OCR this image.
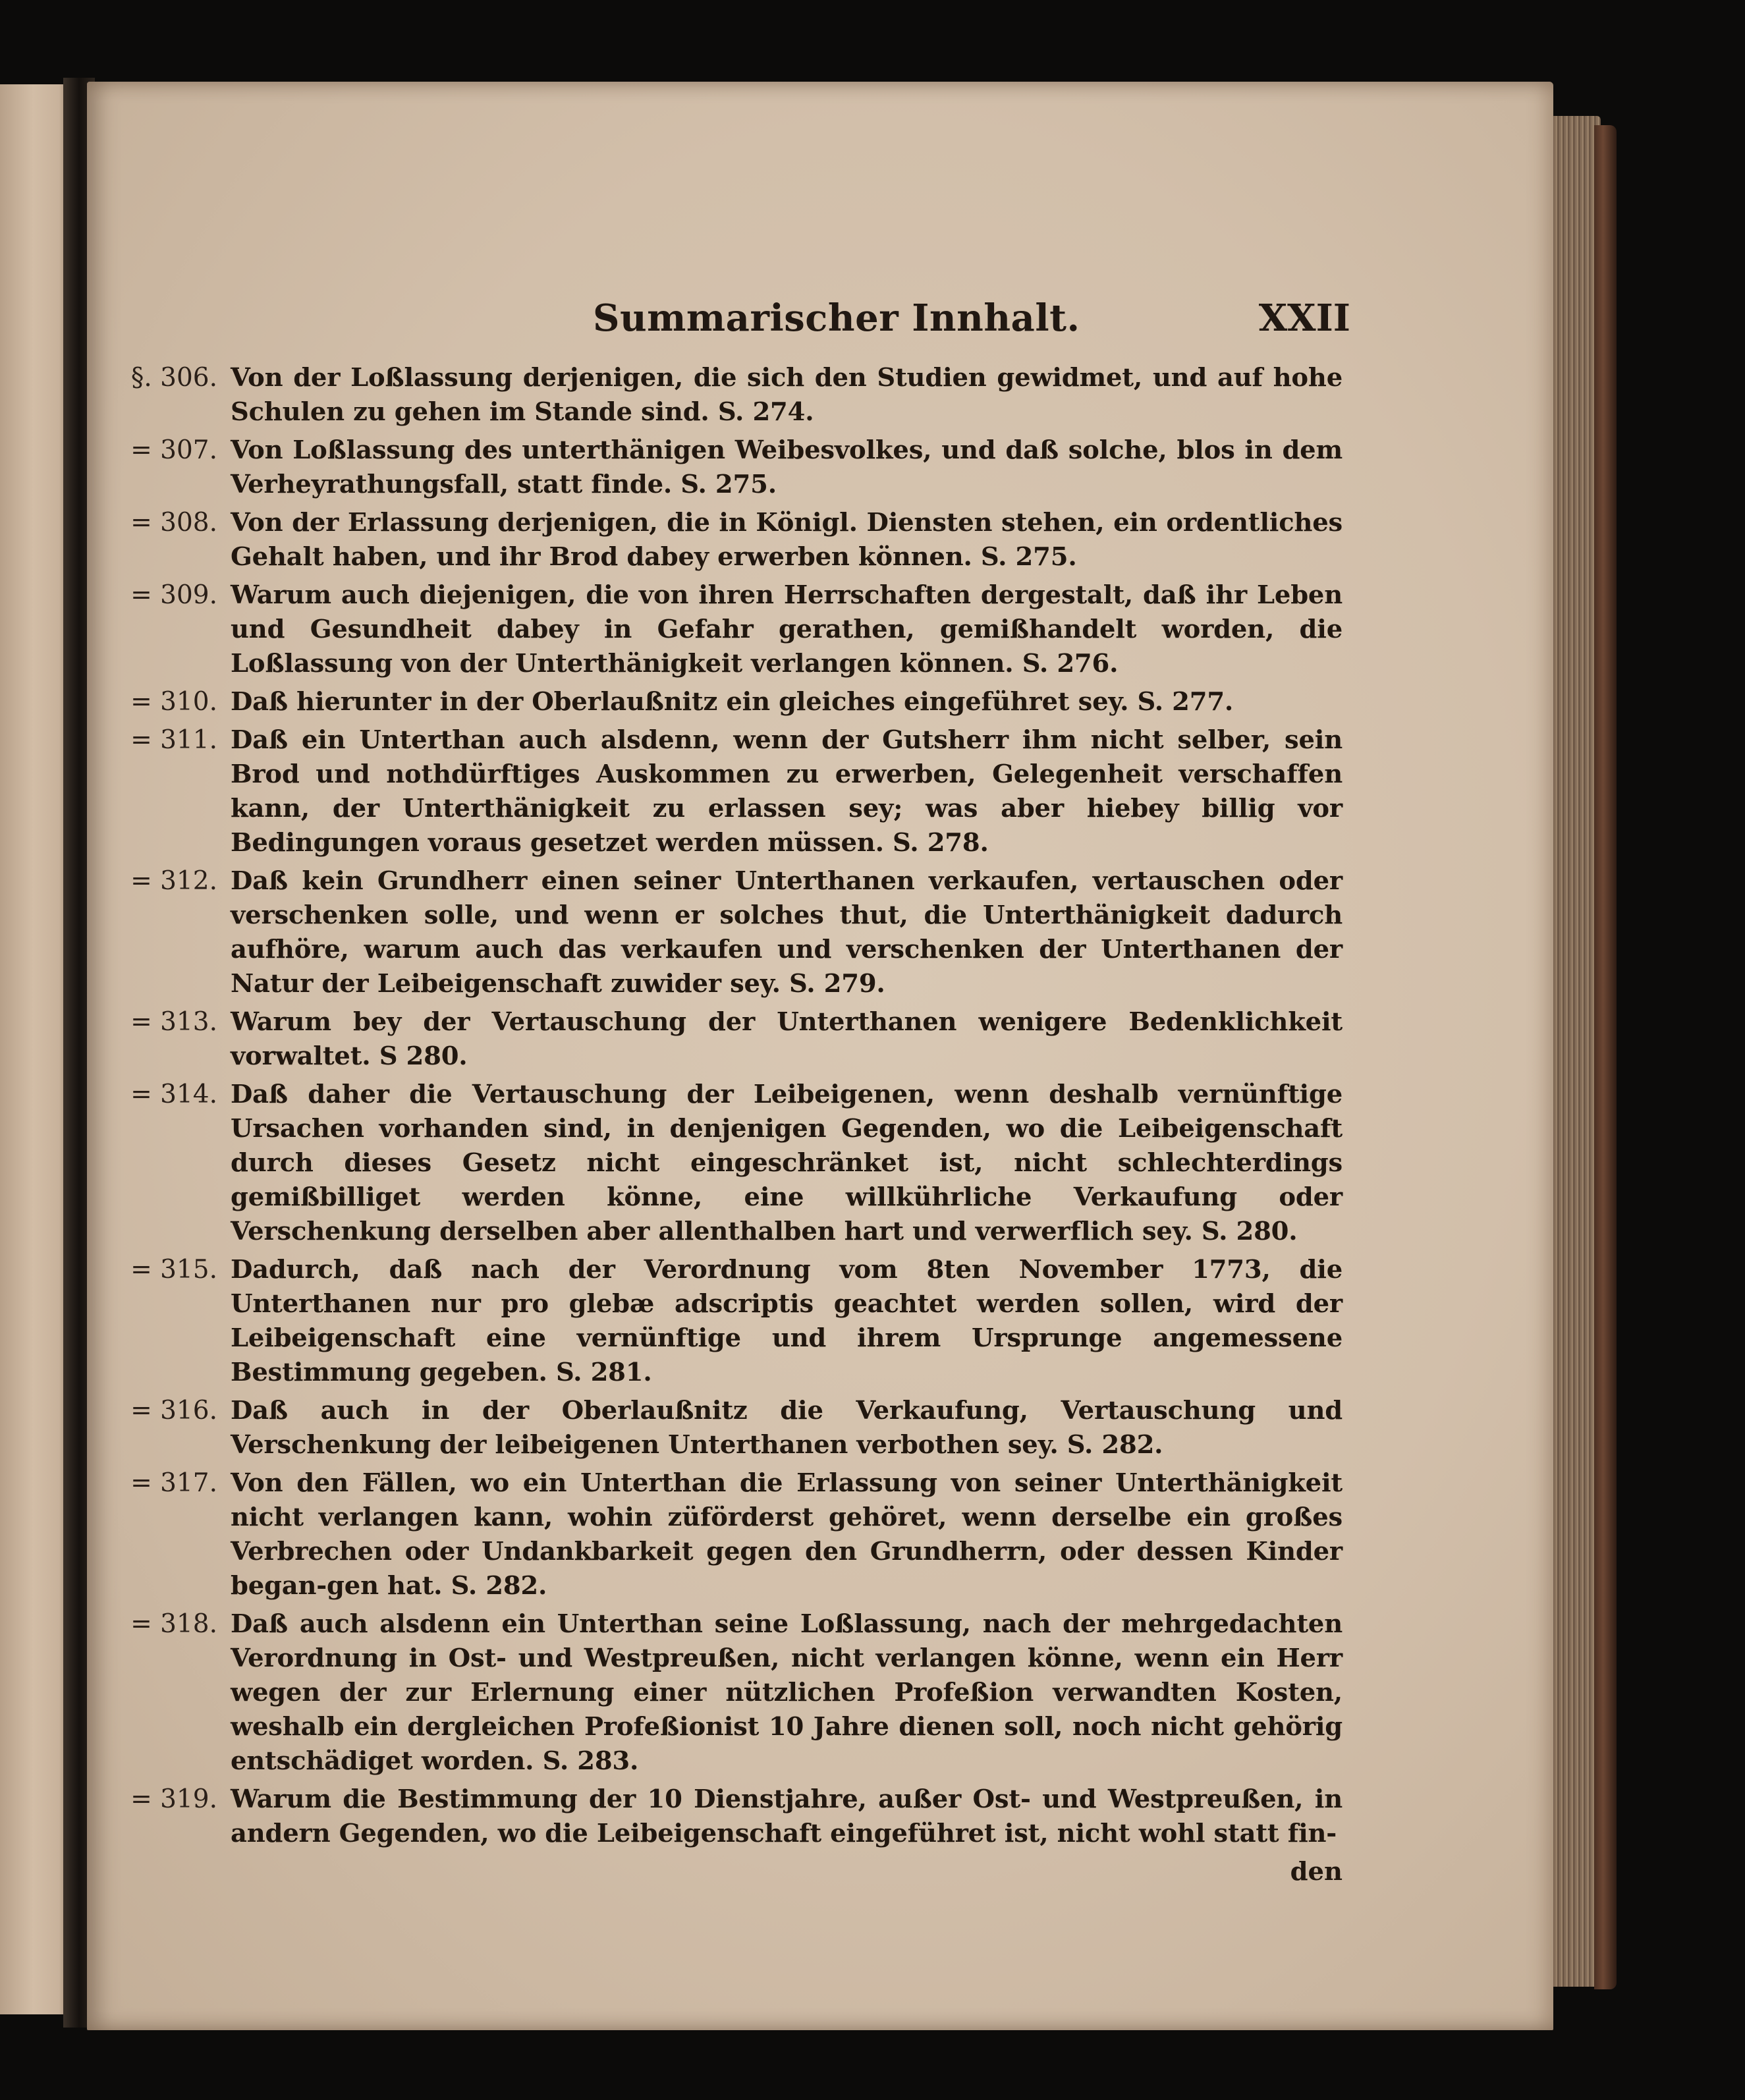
Summarischer Innhalt.	XXII
§. 306. Von der Loßlassung derjenigen, die sich den Studien gewidmet, und auf hohe Schulen zu gehen im Stande sind. S. 274.
= 307. Von Loßlassung des unterthänigen Weibesvolkes, und daß solche, blos in dem Verheyrathungsfall, statt finde. S. 275.
= 308. Von der Erlassung derjenigen, die in Königl. Diensten stehen, ein ordentliches Gehalt haben, und ihr Brod dabey erwerben können. S. 275.
= 309. Warum auch diejenigen, die von ihren Herrschaften dergestalt, daß ihr Leben und Gesundheit dabey in Gefahr gerathen, gemißhandelt worden, die Loßlassung von der Unterthänigkeit verlangen können. S. 276.
= 310. Daß hierunter in der Oberlaußnitz ein gleiches eingeführet sey. S. 277.
= 311. Daß ein Unterthan auch alsdenn, wenn der Gutsherr ihm nicht selber, sein Brod und nothdürftiges Auskommen zu erwerben, Gelegenheit verschaffen kann, der Unterthänigkeit zu erlassen sey; was aber hiebey billig vor Bedingungen voraus gesetzet werden müssen. S. 278.
= 312. Daß kein Grundherr einen seiner Unterthanen verkaufen, vertauschen oder verschenken solle, und wenn er solches thut, die Unterthänigkeit dadurch aufhöre, warum auch das verkaufen und verschenken der Unterthanen der Natur der Leibeigenschaft zuwider sey. S. 279.
= 313. Warum bey der Vertauschung der Unterthanen wenigere Bedenklichkeit vorwaltet. S 280.
= 314. Daß daher die Vertauschung der Leibeigenen, wenn deshalb vernünftige Ursachen vorhanden sind, in denjenigen Gegenden, wo die Leibeigenschaft durch dieses Gesetz nicht eingeschränket ist, nicht schlechterdings gemißbilliget werden könne, eine willkührliche Verkaufung oder Verschenkung derselben aber allenthalben hart und verwerflich sey. S. 280.
= 315. Dadurch, daß nach der Verordnung vom 8ten November 1773, die Unterthanen nur pro glebæ adscriptis geachtet werden sollen, wird der Leibeigenschaft eine vernünftige und ihrem Ursprunge angemessene Bestimmung gegeben. S. 281.
= 316. Daß auch in der Oberlaußnitz die Verkaufung, Vertauschung und Verschenkung der leibeigenen Unterthanen verbothen sey. S. 282.
= 317. Von den Fällen, wo ein Unterthan die Erlassung von seiner Unterthänigkeit nicht verlangen kann, wohin züförderst gehöret, wenn derselbe ein großes Verbrechen oder Undankbarkeit gegen den Grundherrn, oder dessen Kinder began-gen hat. S. 282.
= 318. Daß auch alsdenn ein Unterthan seine Loßlassung, nach der mehrgedachten Verordnung in Ost- und Westpreußen, nicht verlangen könne, wenn ein Herr wegen der zur Erlernung einer nützlichen Profeßion verwandten Kosten, weshalb ein dergleichen Profeßionist 10 Jahre dienen soll, noch nicht gehörig entschädiget worden. S. 283.
= 319. Warum die Bestimmung der 10 Dienstjahre, außer Ost- und Westpreußen, in andern Gegenden, wo die Leibeigenschaft eingeführet ist, nicht wohl statt fin-
den
